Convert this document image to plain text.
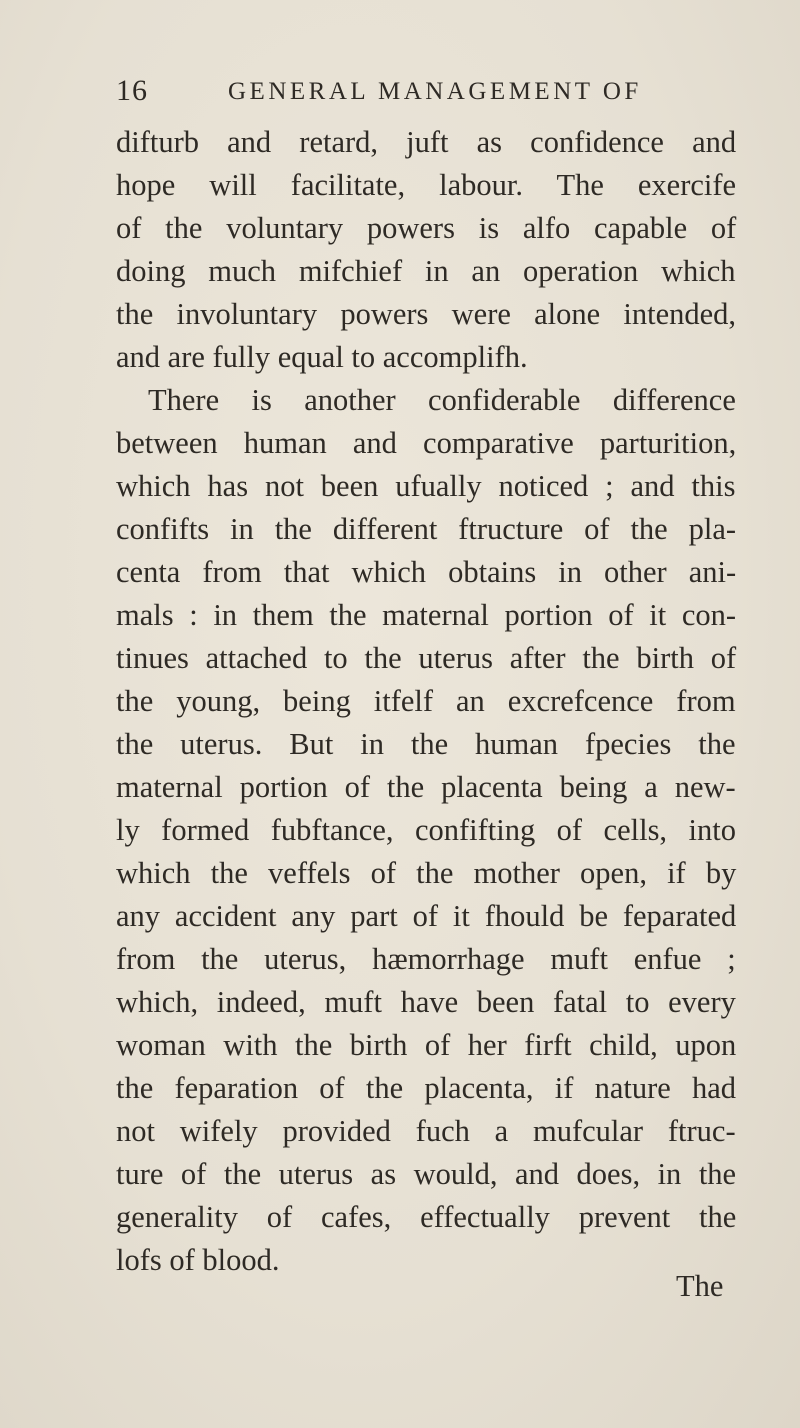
16	GENERAL MANAGEMENT OF
difturb and retard, juft as confidence and
hope will facilitate, labour. The exercife
of the voluntary powers is alfo capable of
doing much mifchief in an operation which
the involuntary powers were alone intended,
and are fully equal to accomplifh.
There is another confiderable difference
between human and comparative parturition,
which has not been ufually noticed ; and this
confifts in the different ftructure of the pla-
centa from that which obtains in other ani-
mals : in them the maternal portion of it con-
tinues attached to the uterus after the birth of
the young, being itfelf an excrefcence from
the uterus. But in the human fpecies the
maternal portion of the placenta being a new-
ly formed fubftance, confifting of cells, into
which the veffels of the mother open, if by
any accident any part of it fhould be feparated
from the uterus, hæmorrhage muft enfue ;
which, indeed, muft have been fatal to every
woman with the birth of her firft child, upon
the feparation of the placenta, if nature had
not wifely provided fuch a mufcular ftruc-
ture of the uterus as would, and does, in the
generality of cafes, effectually prevent the
lofs of blood.
The
